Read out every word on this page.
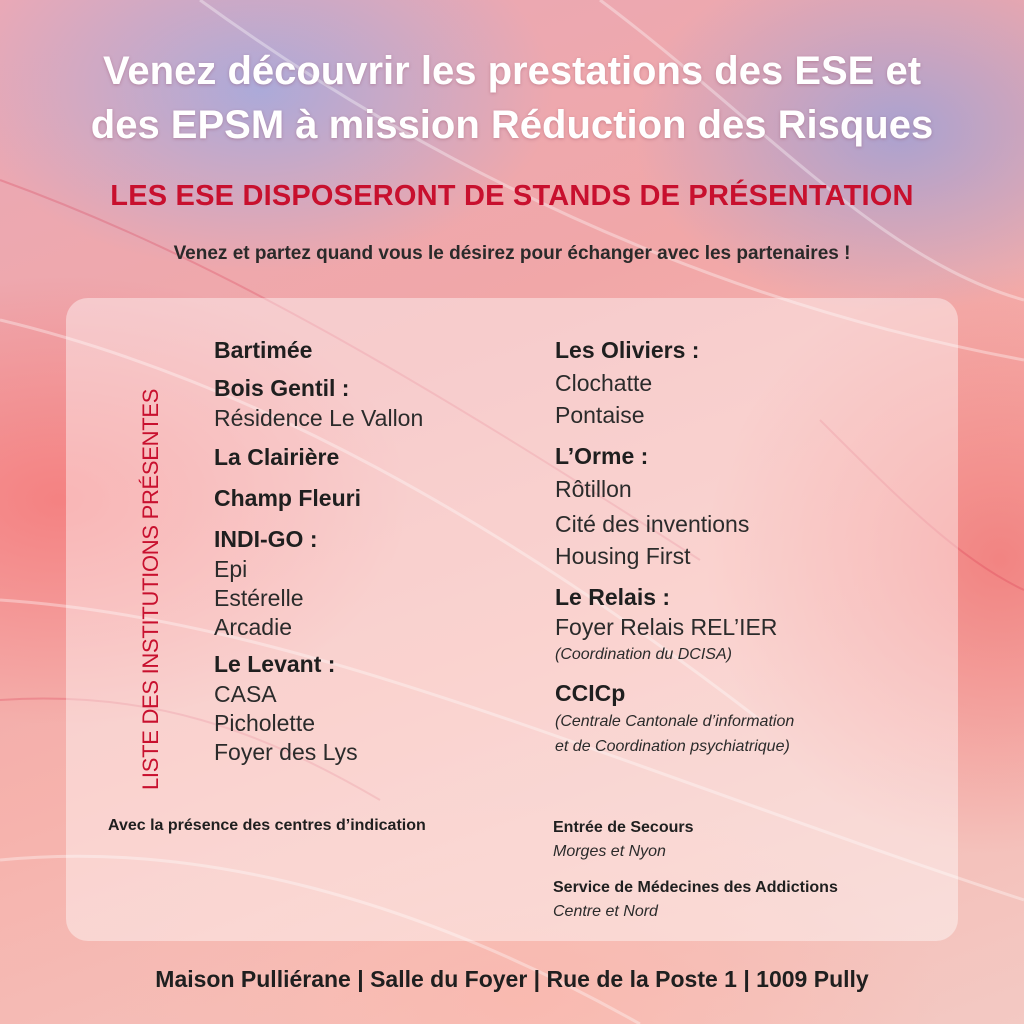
Venez découvrir les prestations des ESE et
des EPSM à mission Réduction des Risques
LES ESE DISPOSERONT DE STANDS DE PRÉSENTATION
Venez et partez quand vous le désirez pour échanger avec les partenaires !
LISTE DES INSTITUTIONS PRÉSENTES
Bartimée
Bois Gentil :
Résidence Le Vallon
La Clairière
Champ Fleuri
INDI-GO :
Epi
Estérelle
Arcadie
Le Levant :
CASA
Picholette
Foyer des Lys
Les Oliviers :
Clochatte
Pontaise
L’Orme :
Rôtillon
Cité des inventions
Housing First
Le Relais :
Foyer Relais REL’IER
(Coordination du DCISA)
CCICp
(Centrale Cantonale d’information
et de Coordination psychiatrique)
Avec la présence des centres d’indication	Entrée de Secours
Morges et Nyon
Service de Médecines des Addictions
Centre et Nord
Maison Pulliérane | Salle du Foyer | Rue de la Poste 1 | 1009 Pully
